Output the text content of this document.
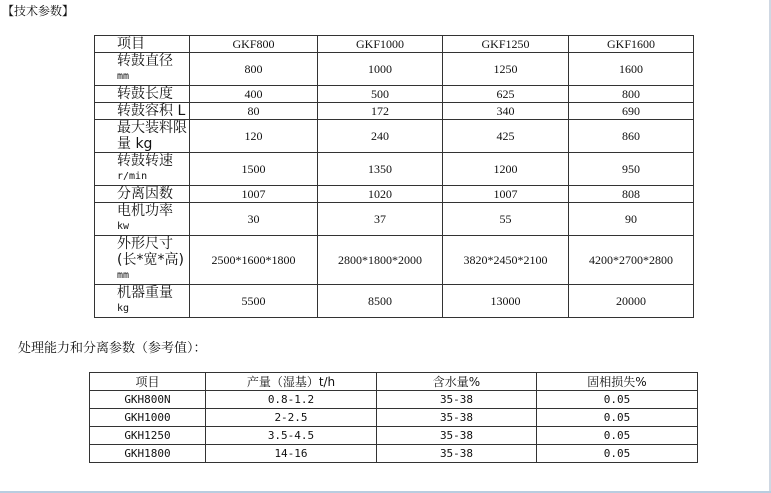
【技术参数】
项目	GKF800	GKF1000	GKF1250	GKF1600

转鼓直径
mm	800	1000	1250	1600

转鼓长度	400	500	625	800

转鼓容积 L	80	172	340	690

最大装料限
量 kg	120	240	425	860

转鼓转速
r/min	1500	1350	1200	950

分离因数	1007	1020	1007	808

电机功率
kw	30	37	55	90

外形尺寸
(长*宽*高)
mm	2500*1600*1800	2800*1800*2000	3820*2450*2100	4200*2700*2800

机器重量
kg	5500	8500	13000	20000
处理能力和分离参数（参考值）：
项目	产量（湿基）t/h	含水量%	固相损失%
GKH800N	0.8-1.2	35-38	0.05
GKH1000	2-2.5	35-38	0.05
GKH1250	3.5-4.5	35-38	0.05
GKH1800	14-16	35-38	0.05
